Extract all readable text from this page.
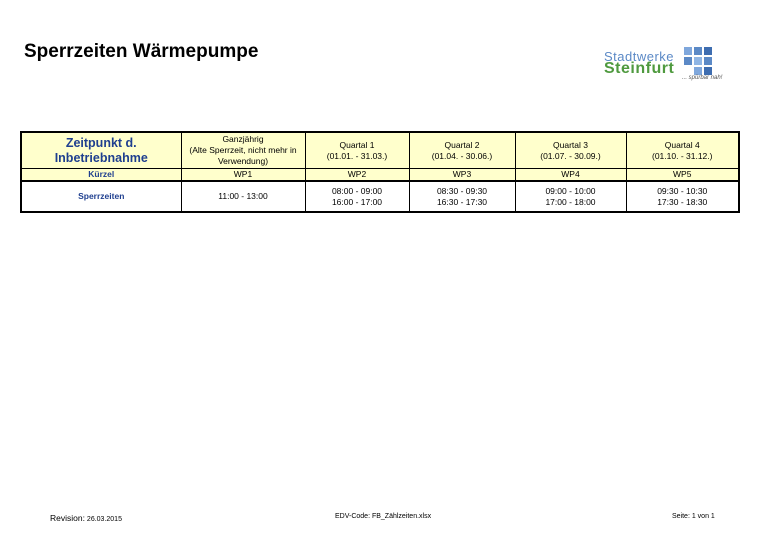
Sperrzeiten Wärmepumpe	Stadtwerke
Steinfurt
... spürbar nah!
Zeitpunkt d.
Inbetriebnahme	Ganzjährig
(Alte Sperrzeit, nicht mehr in
Verwendung)	Quartal 1
(01.01. - 31.03.)	Quartal 2
(01.04. - 30.06.)	Quartal 3
(01.07. - 30.09.)	Quartal 4
(01.10. - 31.12.)

Kürzel	WP1	WP2	WP3	WP4	WP5
Sperrzeiten	11:00 - 13:00	08:00 - 09:00
16:00 - 17:00	08:30 - 09:30
16:30 - 17:30	09:00 - 10:00
17:00 - 18:00	09:30 - 10:30
17:30 - 18:30
Revision: 26.03.2015	EDV-Code: FB_Zählzeiten.xlsx	Seite: 1 von 1
